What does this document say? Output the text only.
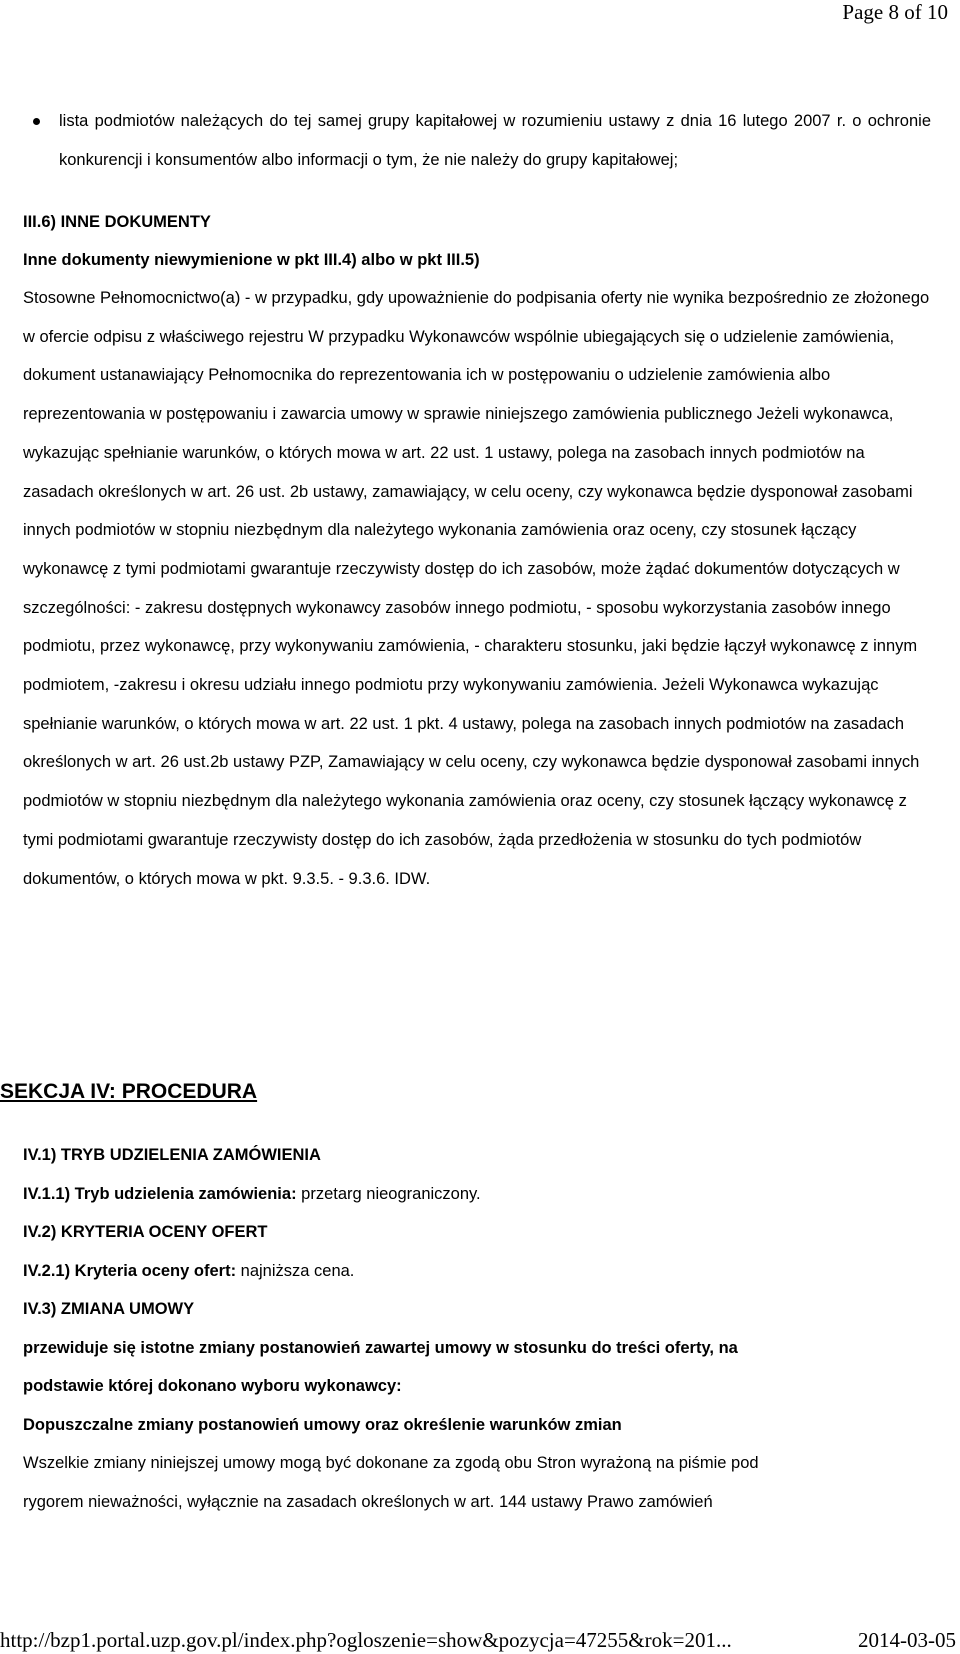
Page 8 of 10
lista podmiotów należących do tej samej grupy kapitałowej w rozumieniu ustawy z dnia 16 lutego 2007 r. o ochronie konkurencji i konsumentów albo informacji o tym, że nie należy do grupy kapitałowej;
III.6) INNE DOKUMENTY
Inne dokumenty niewymienione w pkt III.4) albo w pkt III.5)

Stosowne Pełnomocnictwo(a) - w przypadku, gdy upoważnienie do podpisania oferty nie wynika bezpośrednio ze złożonego w ofercie odpisu z właściwego rejestru W przypadku Wykonawców wspólnie ubiegających się o udzielenie zamówienia, dokument ustanawiający Pełnomocnika do reprezentowania ich w postępowaniu o udzielenie zamówienia albo reprezentowania w postępowaniu i zawarcia umowy w sprawie niniejszego zamówienia publicznego Jeżeli wykonawca, wykazując spełnianie warunków, o których mowa w art. 22 ust. 1 ustawy, polega na zasobach innych podmiotów na zasadach określonych w art. 26 ust. 2b ustawy, zamawiający, w celu oceny, czy wykonawca będzie dysponował zasobami innych podmiotów w stopniu niezbędnym dla należytego wykonania zamówienia oraz oceny, czy stosunek łączący wykonawcę z tymi podmiotami gwarantuje rzeczywisty dostęp do ich zasobów, może żądać dokumentów dotyczących w szczególności: - zakresu dostępnych wykonawcy zasobów innego podmiotu, - sposobu wykorzystania zasobów innego podmiotu, przez wykonawcę, przy wykonywaniu zamówienia, - charakteru stosunku, jaki będzie łączył wykonawcę z innym podmiotem, -zakresu i okresu udziału innego podmiotu przy wykonywaniu zamówienia. Jeżeli Wykonawca wykazując spełnianie warunków, o których mowa w art. 22 ust. 1 pkt. 4 ustawy, polega na zasobach innych podmiotów na zasadach określonych w art. 26 ust.2b ustawy PZP, Zamawiający w celu oceny, czy wykonawca będzie dysponował zasobami innych podmiotów w stopniu niezbędnym dla należytego wykonania zamówienia oraz oceny, czy stosunek łączący wykonawcę z tymi podmiotami gwarantuje rzeczywisty dostęp do ich zasobów, żąda przedłożenia w stosunku do tych podmiotów dokumentów, o których mowa w pkt. 9.3.5. - 9.3.6. IDW.

SEKCJA IV: PROCEDURA
IV.1) TRYB UDZIELENIA ZAMÓWIENIA
IV.1.1) Tryb udzielenia zamówienia: przetarg nieograniczony.
IV.2) KRYTERIA OCENY OFERT
IV.2.1) Kryteria oceny ofert: najniższa cena.
IV.3) ZMIANA UMOWY
przewiduje się istotne zmiany postanowień zawartej umowy w stosunku do treści oferty, na
podstawie której dokonano wyboru wykonawcy:
Dopuszczalne zmiany postanowień umowy oraz określenie warunków zmian
Wszelkie zmiany niniejszej umowy mogą być dokonane za zgodą obu Stron wyrażoną na piśmie pod
rygorem nieważności, wyłącznie na zasadach określonych w art. 144 ustawy Prawo zamówień
http://bzp1.portal.uzp.gov.pl/index.php?ogloszenie=show&pozycja=47255&rok=201...	2014-03-05
